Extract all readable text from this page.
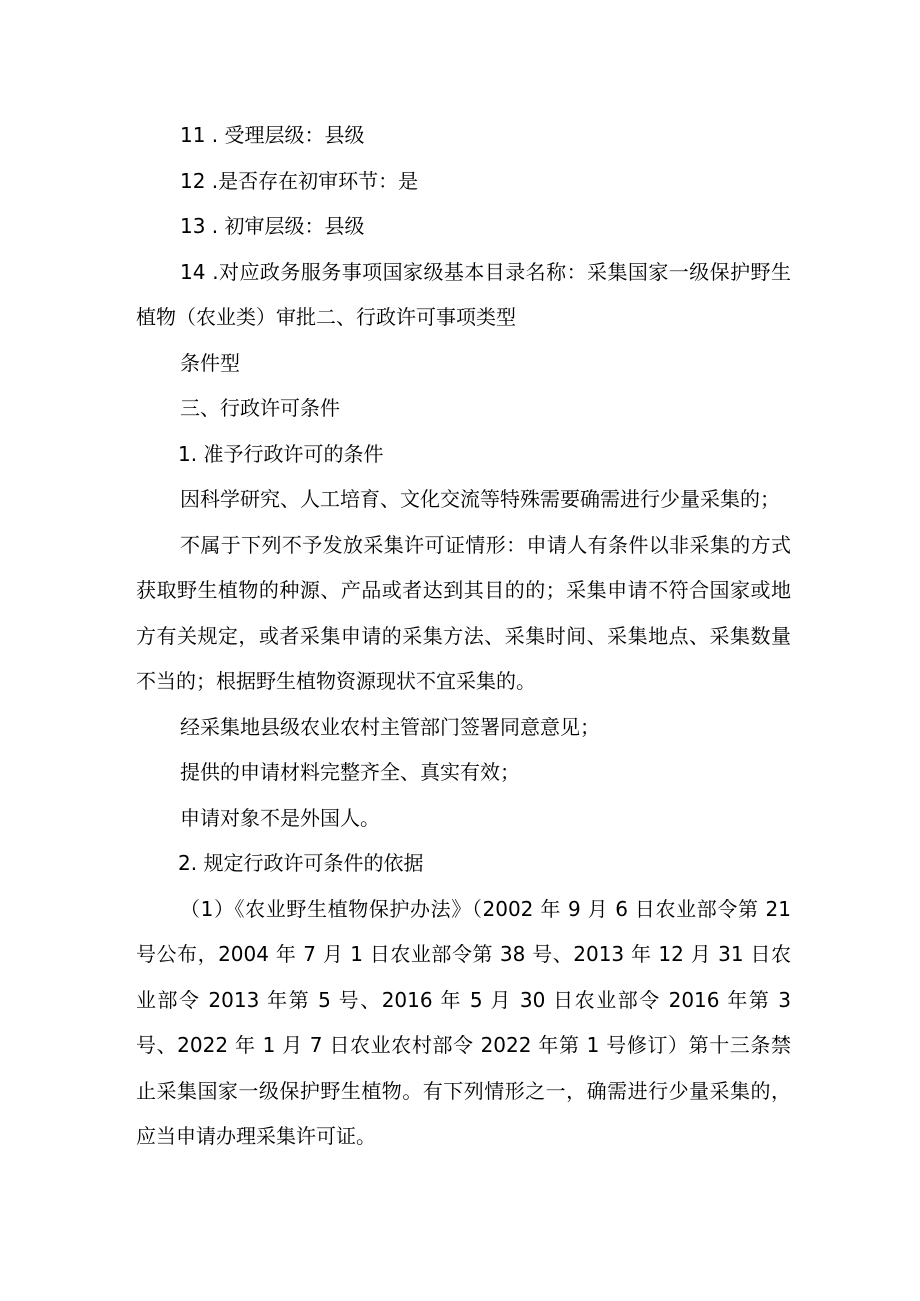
11 . 受理层级：县级

12 .是否存在初审环节：是

13 . 初审层级：县级

14 .对应政务服务事项国家级基本目录名称：采集国家一级保护野生植物（农业类）审批二、行政许可事项类型

条件型

三、行政许可条件

1. 准予行政许可的条件

因科学研究、人工培育、文化交流等特殊需要确需进行少量采集的；

不属于下列不予发放采集许可证情形：申请人有条件以非采集的方式获取野生植物的种源、产品或者达到其目的的；采集申请不符合国家或地方有关规定，或者采集申请的采集方法、采集时间、采集地点、采集数量不当的；根据野生植物资源现状不宜采集的。

经采集地县级农业农村主管部门签署同意意见；

提供的申请材料完整齐全、真实有效；

申请对象不是外国人。

2. 规定行政许可条件的依据

（1）《农业野生植物保护办法》（2002 年 9 月 6 日农业部令第 21 号公布，2004 年 7 月 1 日农业部令第 38 号、2013 年 12 月 31 日农业部令 2013 年第 5 号、2016 年 5 月 30 日农业部令 2016 年第 3 号、2022 年 1 月 7 日农业农村部令 2022 年第 1 号修订）第十三条禁止采集国家一级保护野生植物。有下列情形之一，确需进行少量采集的，应当申请办理采集许可证。
